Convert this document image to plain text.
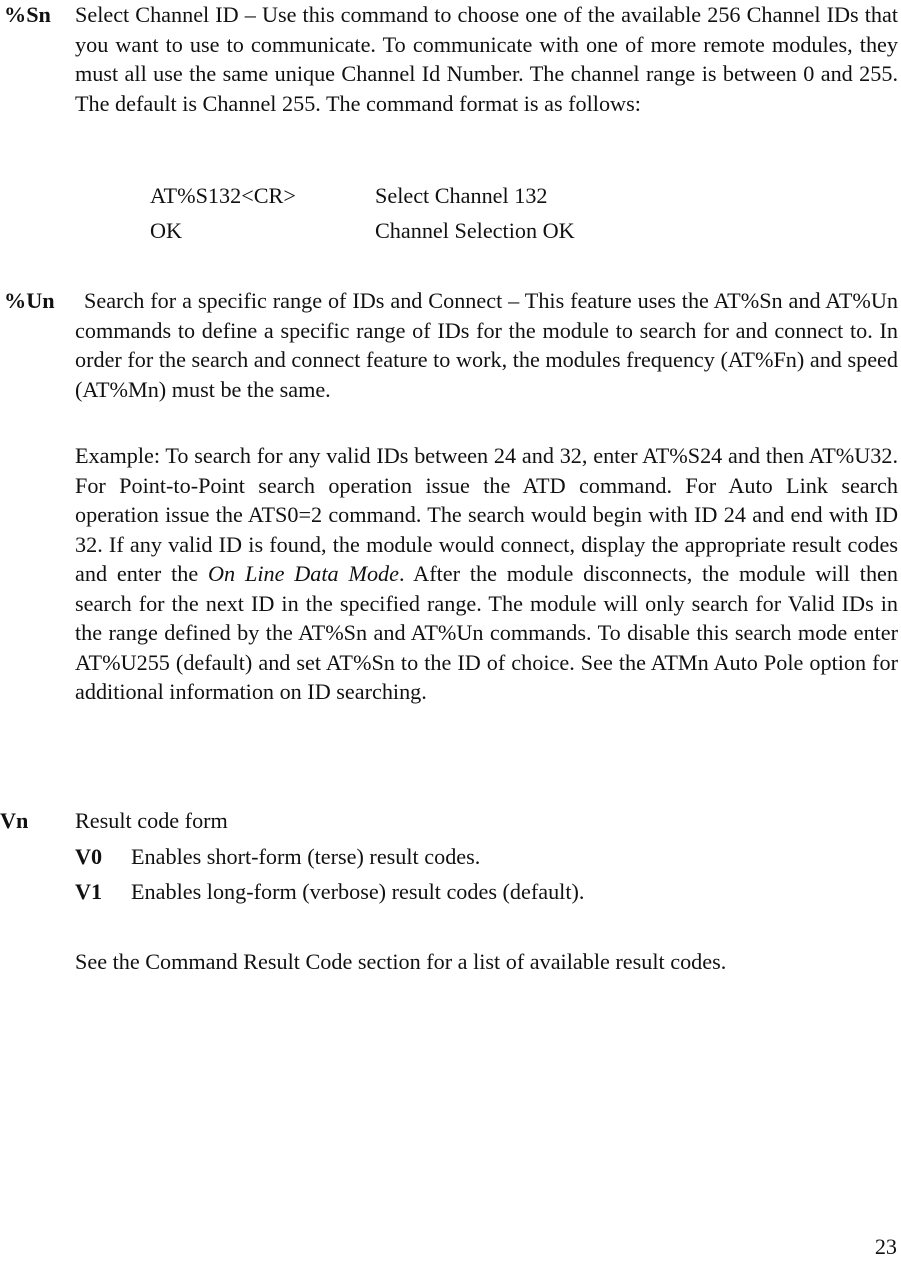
%Sn Select Channel ID – Use this command to choose one of the available 256 Channel IDs that you want to use to communicate. To communicate with one of more remote modules, they must all use the same unique Channel Id Number. The channel range is between 0 and 255. The default is Channel 255. The command format is as follows:

AT%S132<CR>	Select Channel 132
OK	Channel Selection OK
%Un	Search for a specific range of IDs and Connect – This feature uses the AT%Sn and AT%Un commands to define a specific range of IDs for the module to search for and connect to. In order for the search and connect feature to work, the modules frequency (AT%Fn) and speed (AT%Mn) must be the same.

Example: To search for any valid IDs between 24 and 32, enter AT%S24 and then AT%U32. For Point-to-Point search operation issue the ATD command. For Auto Link search operation issue the ATS0=2 command. The search would begin with ID 24 and end with ID 32. If any valid ID is found, the module would connect, display the appropriate result codes and enter the On Line Data Mode. After the module disconnects, the module will then search for the next ID in the specified range. The module will only search for Valid IDs in the range defined by the AT%Sn and AT%Un commands. To disable this search mode enter AT%U255 (default) and set AT%Sn to the ID of choice. See the ATMn Auto Pole option for additional information on ID searching.

Vn Result code form
V0 Enables short-form (terse) result codes.
V1 Enables long-form (verbose) result codes (default).
See the Command Result Code section for a list of available result codes.
23
